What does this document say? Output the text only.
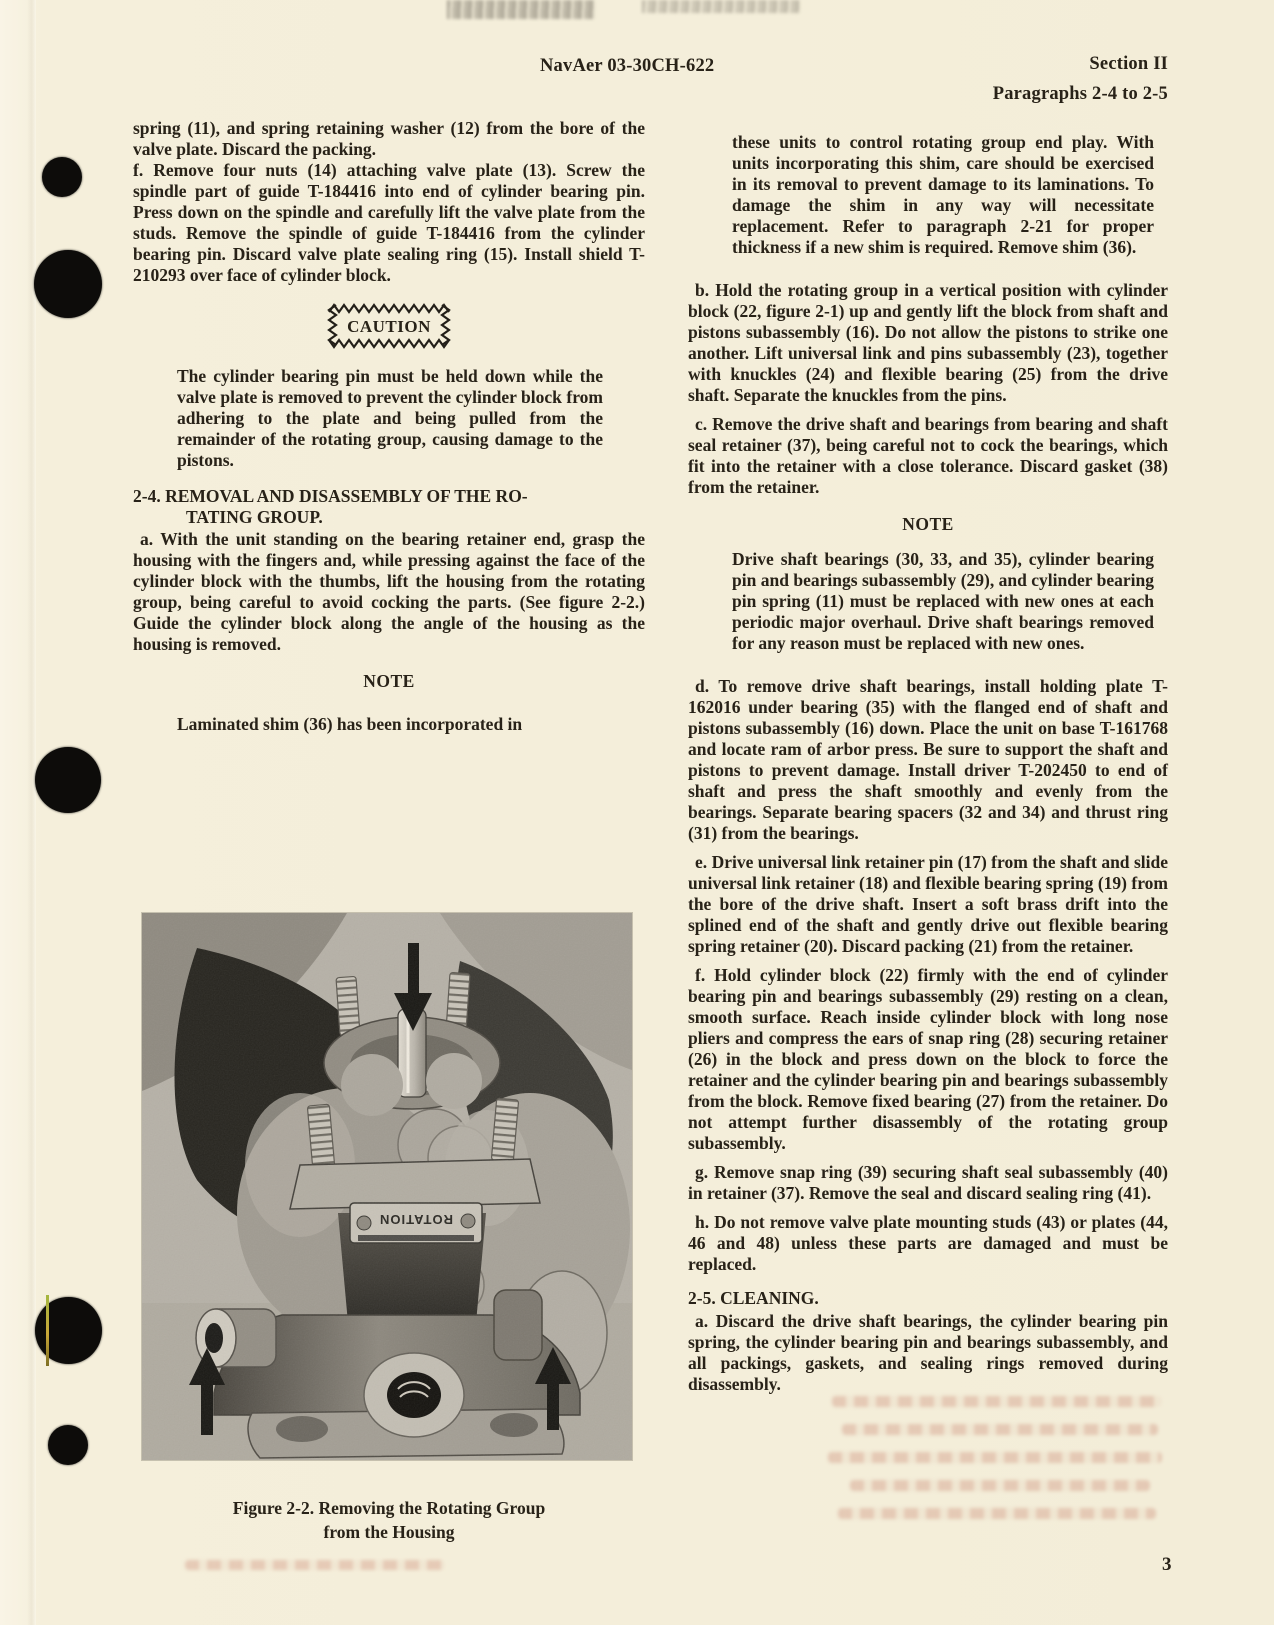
NavAer 03-30CH-622	Section II
Paragraphs 2-4 to 2-5

spring (11), and spring retaining washer (12) from the bore of the valve plate. Discard the packing.

f. Remove four nuts (14) attaching valve plate (13). Screw the spindle part of guide T-184416 into end of cylinder bearing pin. Press down on the spindle and carefully lift the valve plate from the studs. Remove the spindle of guide T-184416 from the cylinder bearing pin. Discard valve plate sealing ring (15). Install shield T-210293 over face of cylinder block.

CAUTION

The cylinder bearing pin must be held down while the valve plate is removed to prevent the cylinder block from adhering to the plate and being pulled from the remainder of the rotating group, causing damage to the pistons.

2-4. REMOVAL AND DISASSEMBLY OF THE RO-
TATING GROUP.

a. With the unit standing on the bearing retainer end, grasp the housing with the fingers and, while pressing against the face of the cylinder block with the thumbs, lift the housing from the rotating group, being careful to avoid cocking the parts. (See figure 2-2.) Guide the cylinder block along the angle of the housing as the housing is removed.

NOTE

Laminated shim (36) has been incorporated in

ROTATION
Figure 2-2. Removing the Rotating Group
from the Housing

these units to control rotating group end play. With units incorporating this shim, care should be exercised in its removal to prevent damage to its laminations. To damage the shim in any way will necessitate replacement. Refer to paragraph 2-21 for proper thickness if a new shim is required. Remove shim (36).

b. Hold the rotating group in a vertical position with cylinder block (22, figure 2-1) up and gently lift the block from shaft and pistons subassembly (16). Do not allow the pistons to strike one another. Lift universal link and pins subassembly (23), together with knuckles (24) and flexible bearing (25) from the drive shaft. Separate the knuckles from the pins.

c. Remove the drive shaft and bearings from bearing and shaft seal retainer (37), being careful not to cock the bearings, which fit into the retainer with a close tolerance. Discard gasket (38) from the retainer.

NOTE

Drive shaft bearings (30, 33, and 35), cylinder bearing pin and bearings subassembly (29), and cylinder bearing pin spring (11) must be replaced with new ones at each periodic major overhaul. Drive shaft bearings removed for any reason must be replaced with new ones.

d. To remove drive shaft bearings, install holding plate T-162016 under bearing (35) with the flanged end of shaft and pistons subassembly (16) down. Place the unit on base T-161768 and locate ram of arbor press. Be sure to support the shaft and pistons to prevent damage. Install driver T-202450 to end of shaft and press the shaft smoothly and evenly from the bearings. Separate bearing spacers (32 and 34) and thrust ring (31) from the bearings.

e. Drive universal link retainer pin (17) from the shaft and slide universal link retainer (18) and flexible bearing spring (19) from the bore of the drive shaft. Insert a soft brass drift into the splined end of the shaft and gently drive out flexible bearing spring retainer (20). Discard packing (21) from the retainer.

f. Hold cylinder block (22) firmly with the end of cylinder bearing pin and bearings subassembly (29) resting on a clean, smooth surface. Reach inside cylinder block with long nose pliers and compress the ears of snap ring (28) securing retainer (26) in the block and press down on the block to force the retainer and the cylinder bearing pin and bearings subassembly from the block. Remove fixed bearing (27) from the retainer. Do not attempt further disassembly of the rotating group subassembly.

g. Remove snap ring (39) securing shaft seal subassembly (40) in retainer (37). Remove the seal and discard sealing ring (41).

h. Do not remove valve plate mounting studs (43) or plates (44, 46 and 48) unless these parts are damaged and must be replaced.

2-5. CLEANING.

a. Discard the drive shaft bearings, the cylinder bearing pin spring, the cylinder bearing pin and bearings subassembly, and all packings, gaskets, and sealing rings removed during disassembly.

3
